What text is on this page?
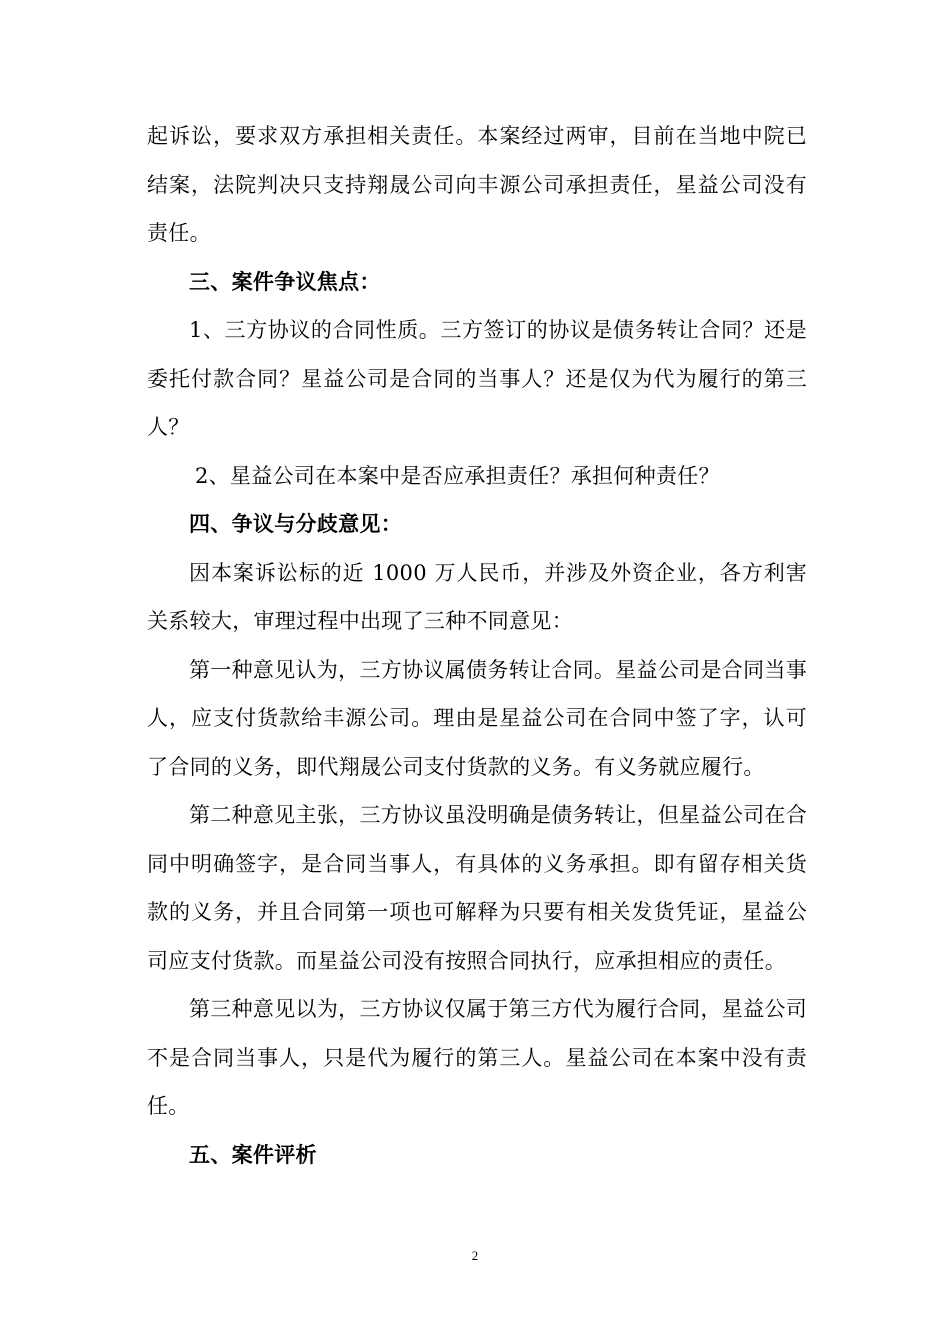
起诉讼，要求双方承担相关责任。本案经过两审，目前在当地中院已结案，法院判决只支持翔晟公司向丰源公司承担责任，星益公司没有责任。

三、案件争议焦点：

1、三方协议的合同性质。三方签订的协议是债务转让合同？还是委托付款合同？星益公司是合同的当事人？还是仅为代为履行的第三人？

2、星益公司在本案中是否应承担责任？承担何种责任？

四、争议与分歧意见：

因本案诉讼标的近 1000 万人民币，并涉及外资企业，各方利害关系较大，审理过程中出现了三种不同意见：

第一种意见认为，三方协议属债务转让合同。星益公司是合同当事人，应支付货款给丰源公司。理由是星益公司在合同中签了字，认可了合同的义务，即代翔晟公司支付货款的义务。有义务就应履行。

第二种意见主张，三方协议虽没明确是债务转让，但星益公司在合同中明确签字，是合同当事人，有具体的义务承担。即有留存相关货款的义务，并且合同第一项也可解释为只要有相关发货凭证，星益公司应支付货款。而星益公司没有按照合同执行，应承担相应的责任。

第三种意见以为，三方协议仅属于第三方代为履行合同，星益公司不是合同当事人，只是代为履行的第三人。星益公司在本案中没有责任。

五、案件评析

2
